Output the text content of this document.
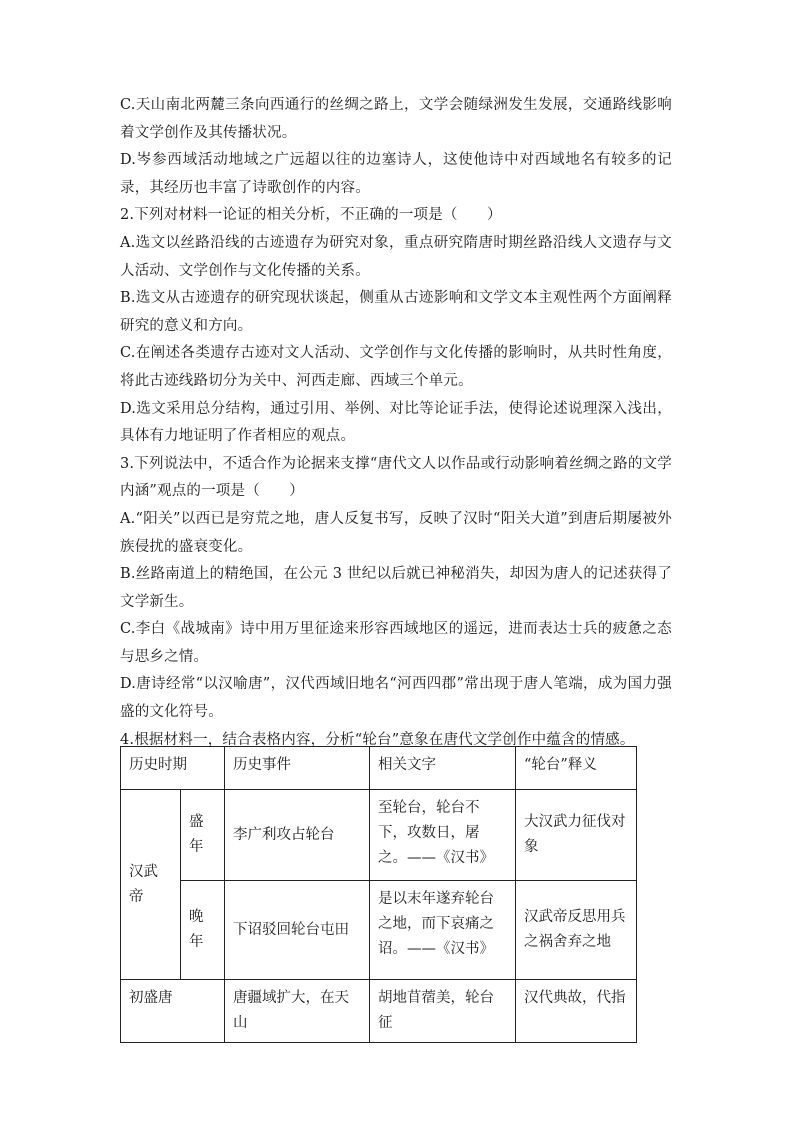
C.天山南北两麓三条向西通行的丝绸之路上，文学会随绿洲发生发展，交通路线影响着文学创作及其传播状况。

D.岑参西域活动地域之广远超以往的边塞诗人，这使他诗中对西域地名有较多的记录，其经历也丰富了诗歌创作的内容。

2.下列对材料一论证的相关分析，不正确的一项是（　　）

A.选文以丝路沿线的古迹遗存为研究对象，重点研究隋唐时期丝路沿线人文遗存与文人活动、文学创作与文化传播的关系。

B.选文从古迹遗存的研究现状谈起，侧重从古迹影响和文学文本主观性两个方面阐释研究的意义和方向。

C.在阐述各类遗存古迹对文人活动、文学创作与文化传播的影响时，从共时性角度，将此古迹线路切分为关中、河西走廊、西域三个单元。

D.选文采用总分结构，通过引用、举例、对比等论证手法，使得论述说理深入浅出，具体有力地证明了作者相应的观点。

3.下列说法中，不适合作为论据来支撑“唐代文人以作品或行动影响着丝绸之路的文学内涵”观点的一项是（　　）

A.“阳关”以西已是穷荒之地，唐人反复书写，反映了汉时“阳关大道”到唐后期屡被外族侵扰的盛衰变化。

B.丝路南道上的精绝国，在公元 3 世纪以后就已神秘消失，却因为唐人的记述获得了文学新生。

C.李白《战城南》诗中用万里征途来形容西域地区的遥远，进而表达士兵的疲惫之态与思乡之情。

D.唐诗经常“以汉喻唐”，汉代西域旧地名“河西四郡”常出现于唐人笔端，成为国力强盛的文化符号。

4.根据材料一，结合表格内容，分析“轮台”意象在唐代文学创作中蕴含的情感。

历史时期		历史事件	相关文字	“轮台”释义
汉武帝	盛年	李广利攻占轮台	至轮台，轮台不下，攻数日，屠之。——《汉书》	大汉武力征伐对象
	晚年	下诏驳回轮台屯田	是以末年遂弃轮台之地，而下哀痛之诏。——《汉书》	汉武帝反思用兵之祸舍弃之地
初盛唐		唐疆域扩大，在天山	胡地苜蓿美，轮台征	汉代典故，代指
